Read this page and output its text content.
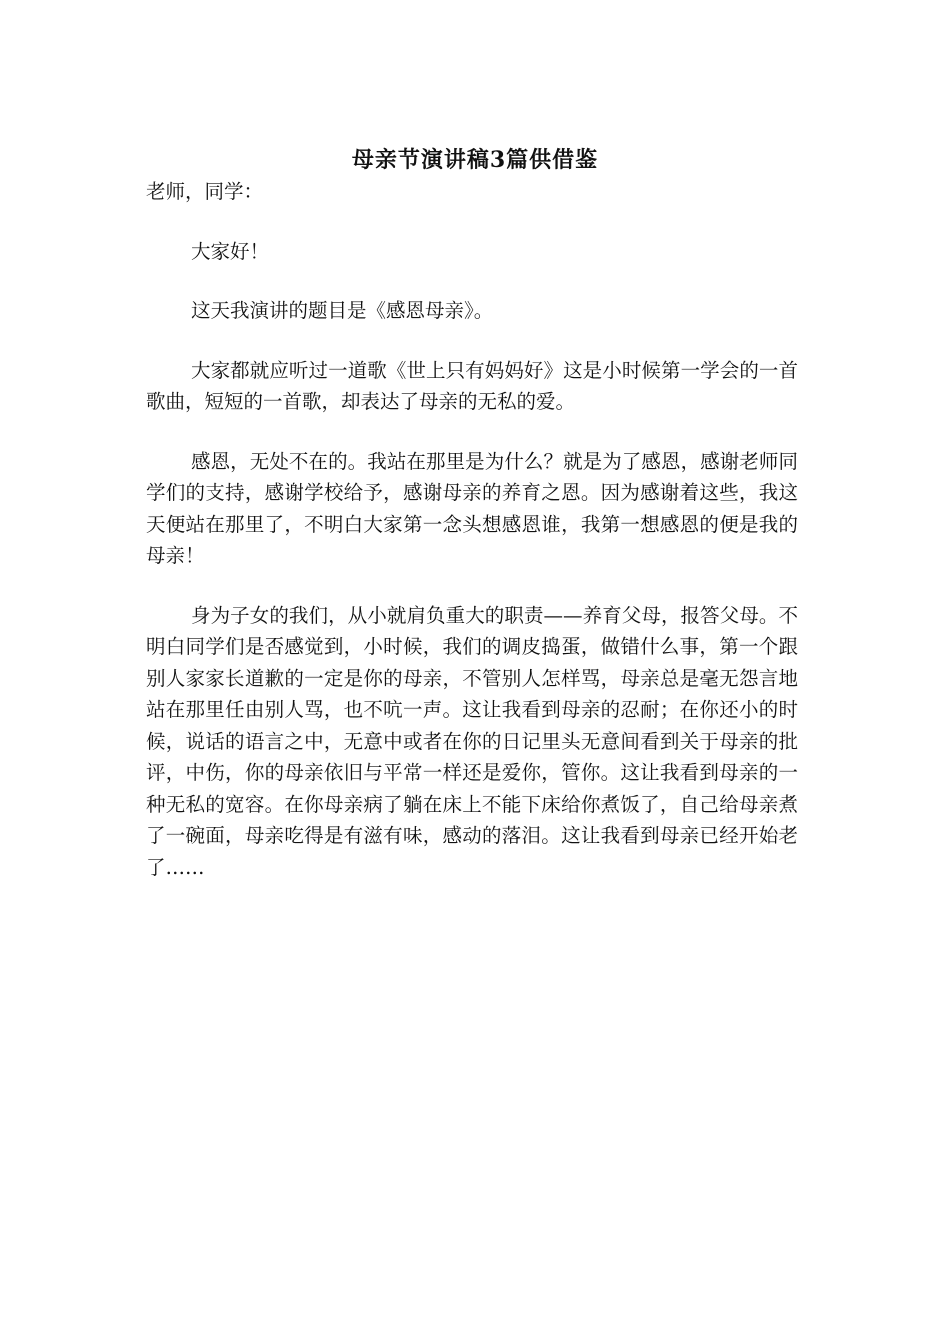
母亲节演讲稿3篇供借鉴

老师，同学：

大家好！

这天我演讲的题目是《感恩母亲》。

大家都就应听过一道歌《世上只有妈妈好》这是小时候第一学会的一首歌曲，短短的一首歌，却表达了母亲的无私的爱。

感恩，无处不在的。我站在那里是为什么？就是为了感恩，感谢老师同学们的支持，感谢学校给予，感谢母亲的养育之恩。因为感谢着这些，我这天便站在那里了，不明白大家第一念头想感恩谁，我第一想感恩的便是我的母亲！

身为子女的我们，从小就肩负重大的职责——养育父母，报答父母。不明白同学们是否感觉到，小时候，我们的调皮捣蛋，做错什么事，第一个跟别人家家长道歉的一定是你的母亲，不管别人怎样骂，母亲总是毫无怨言地站在那里任由别人骂，也不吭一声。这让我看到母亲的忍耐；在你还小的时候，说话的语言之中，无意中或者在你的日记里头无意间看到关于母亲的批评，中伤，你的母亲依旧与平常一样还是爱你，管你。这让我看到母亲的一种无私的宽容。在你母亲病了躺在床上不能下床给你煮饭了，自己给母亲煮了一碗面，母亲吃得是有滋有味，感动的落泪。这让我看到母亲已经开始老了……
